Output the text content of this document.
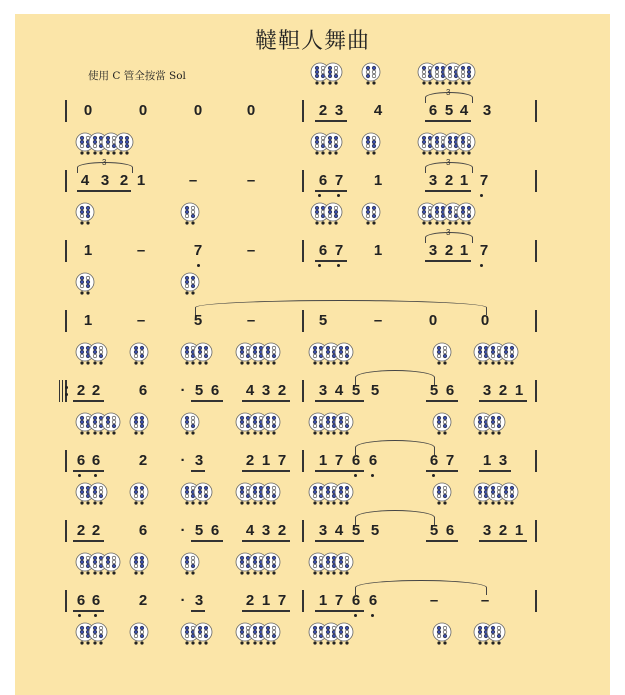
韃靼人舞曲
使用 C 管全按當 Sol
0	0	0	0	2 3 4	6 5 4 3
3
4 3 2 1	–	–	6 7 1	3 2 1 7
3	3
1	–	7	–	6 7 1	3 2 1 7
3
1	–	5	–	5	–	0	0
2 2	6	· 5 6 4 3 2 3 4 5 5	5 6 3 2 1
6 6	2	· 3	2 1 7 1 7 6 6	6 7 1 3
2 2	6	· 5 6 4 3 2 3 4 5 5	5 6 3 2 1
6 6	2	· 3	2 1 7 1 7 6 6	–	–
